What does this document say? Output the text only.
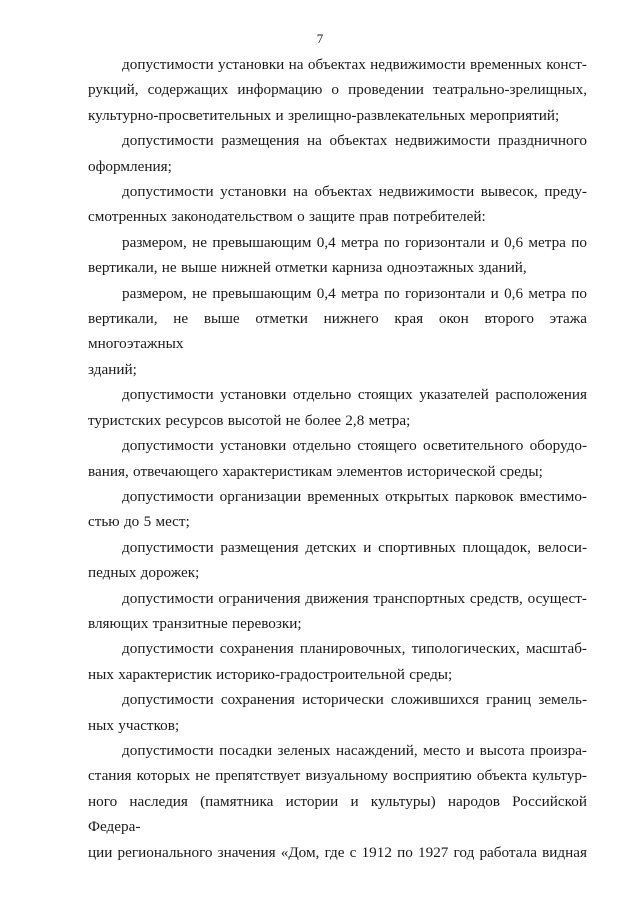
7

допустимости установки на объектах недвижимости временных конст-
рукций, содержащих информацию о проведении театрально-зрелищных,
культурно-просветительных и зрелищно-развлекательных мероприятий;

допустимости размещения на объектах недвижимости праздничного
оформления;

допустимости установки на объектах недвижимости вывесок, преду-
смотренных законодательством о защите прав потребителей:

размером, не превышающим 0,4 метра по горизонтали и 0,6 метра по
вертикали, не выше нижней отметки карниза одноэтажных зданий,

размером, не превышающим 0,4 метра по горизонтали и 0,6 метра по
вертикали, не выше отметки нижнего края окон второго этажа многоэтажных
зданий;

допустимости установки отдельно стоящих указателей расположения
туристских ресурсов высотой не более 2,8 метра;

допустимости установки отдельно стоящего осветительного оборудо-
вания, отвечающего характеристикам элементов исторической среды;

допустимости организации временных открытых парковок вместимо-
стью до 5 мест;

допустимости размещения детских и спортивных площадок, велоси-
педных дорожек;

допустимости ограничения движения транспортных средств, осущест-
вляющих транзитные перевозки;

допустимости сохранения планировочных, типологических, масштаб-
ных характеристик историко-градостроительной среды;

допустимости сохранения исторически сложившихся границ земель-
ных участков;

допустимости посадки зеленых насаждений, место и высота произра-
стания которых не препятствует визуальному восприятию объекта культур-
ного наследия (памятника истории и культуры) народов Российской Федера-
ции регионального значения «Дом, где с 1912 по 1927 год работала видная
